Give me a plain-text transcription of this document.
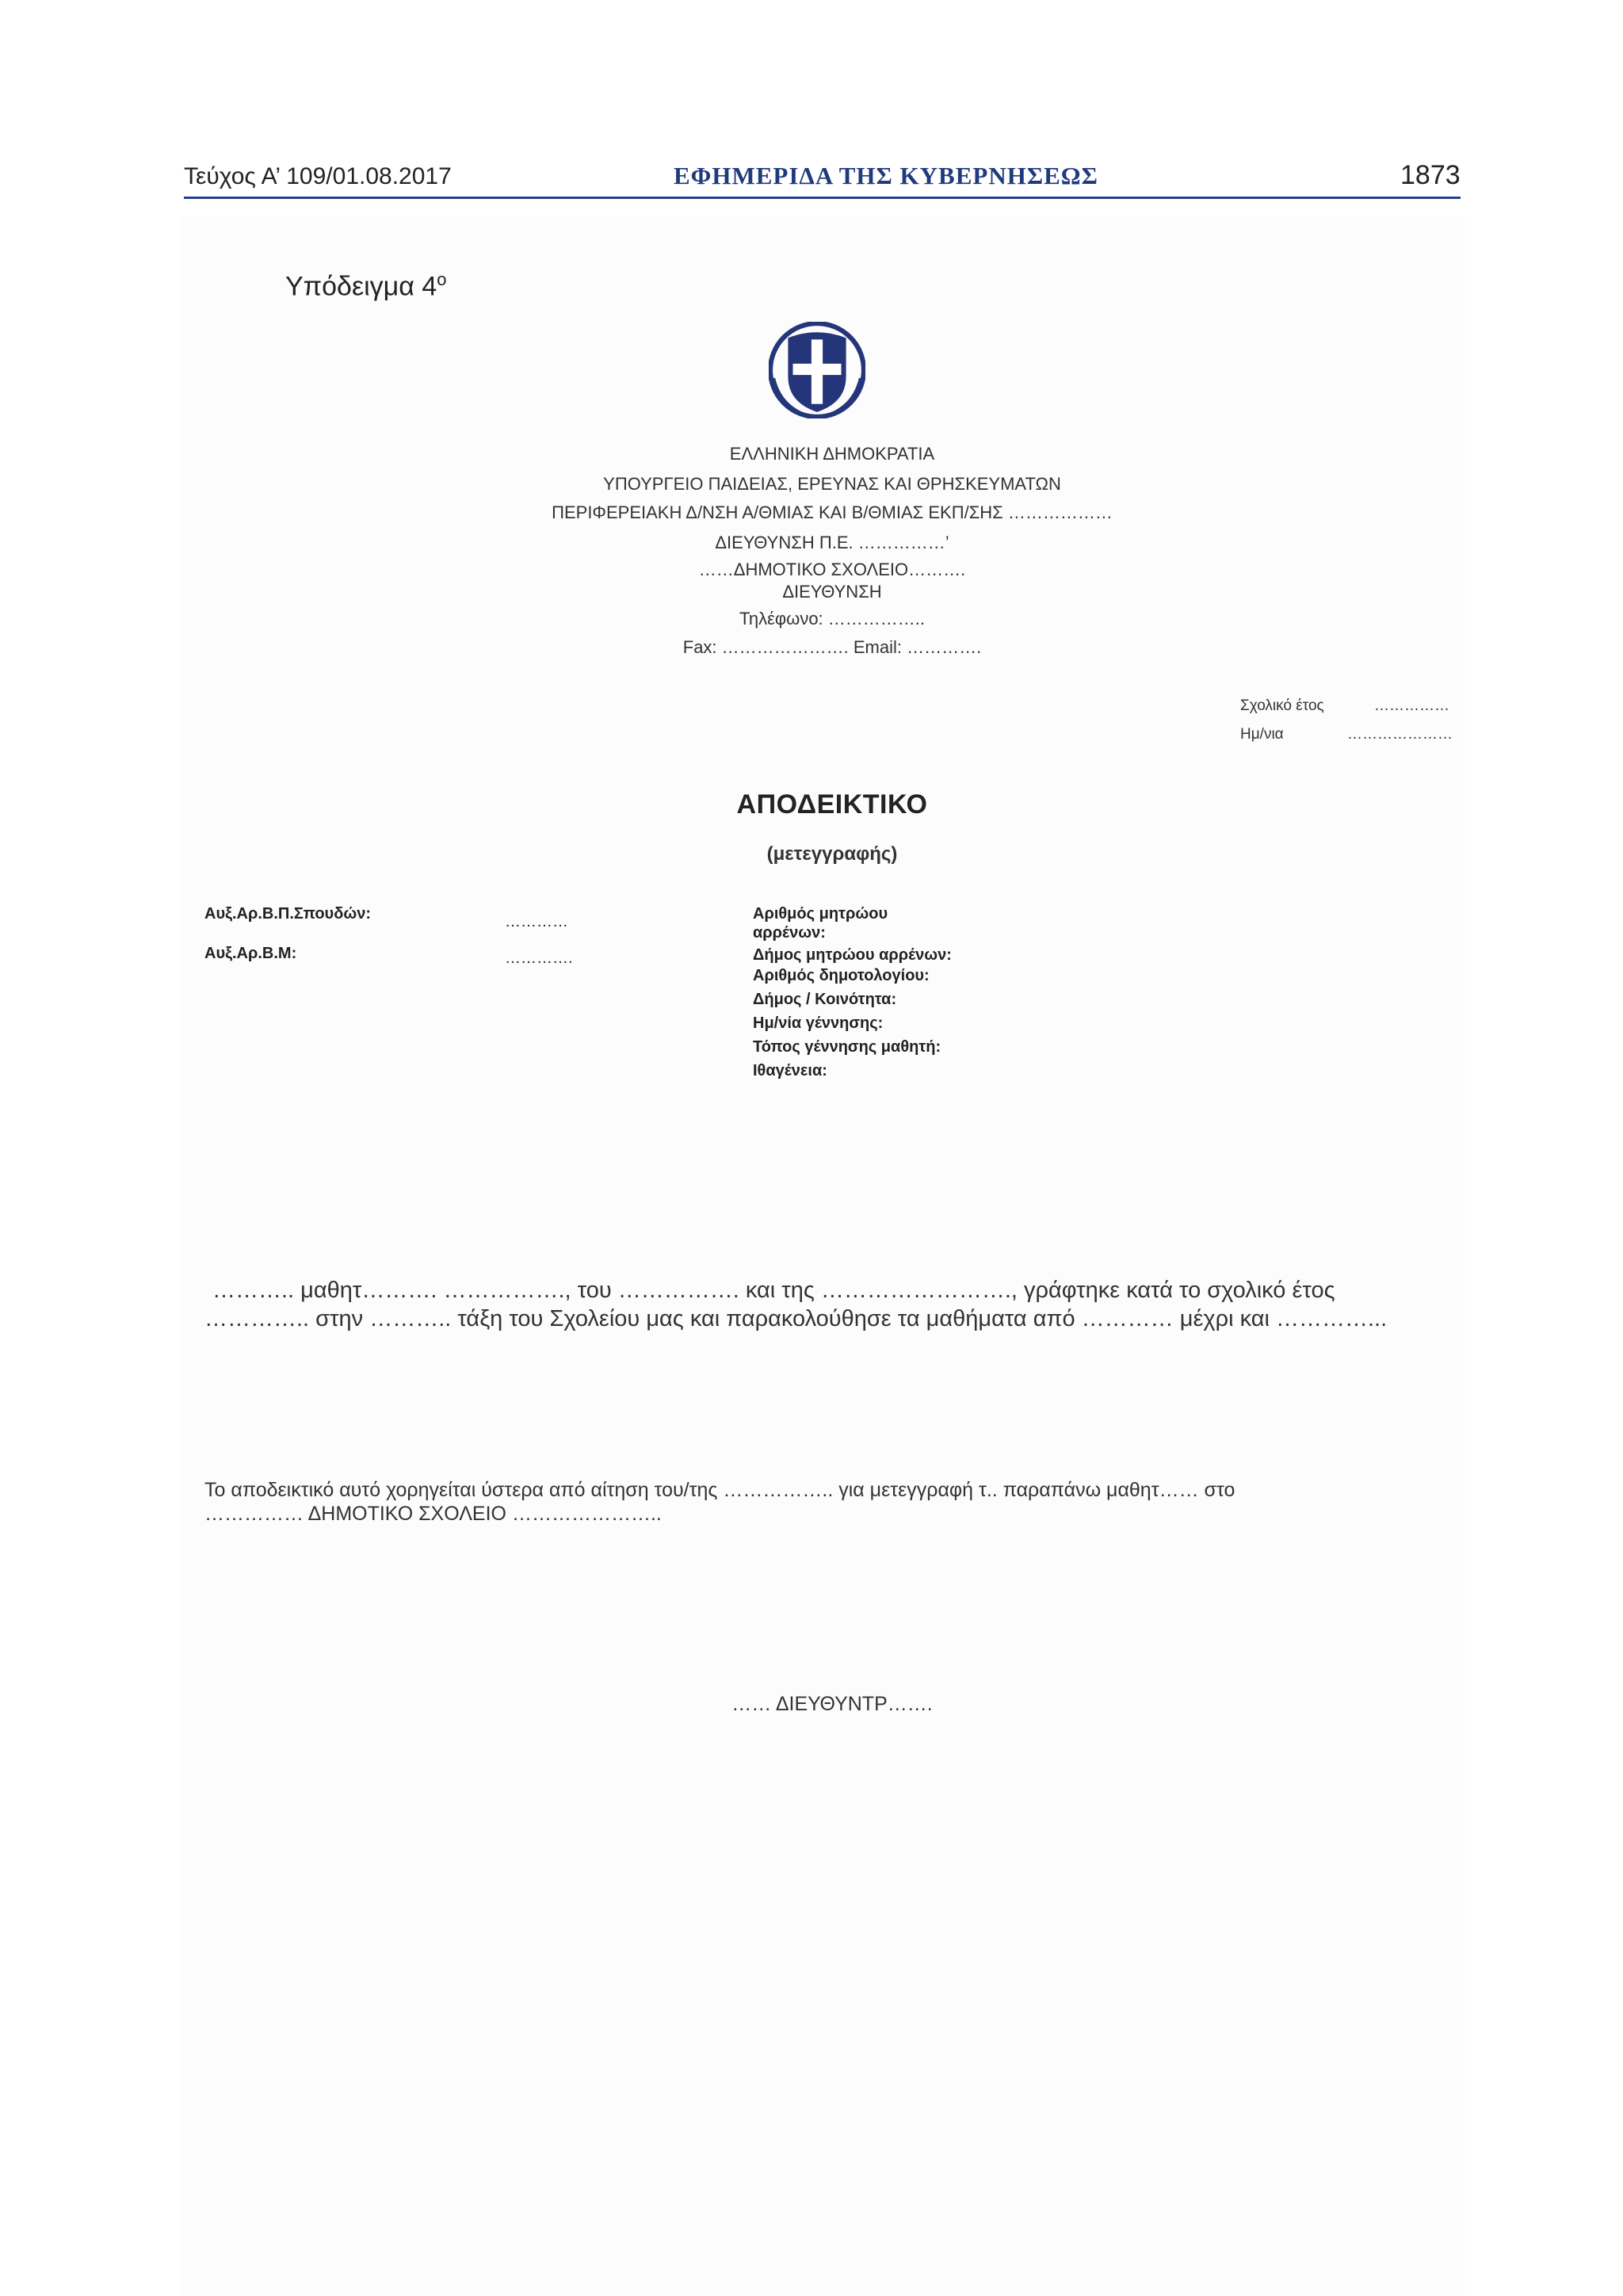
Τεύχος Α’ 109/01.08.2017	ΕΦΗΜΕΡΙΔΑ ΤΗΣ ΚΥΒΕΡΝΗΣΕΩΣ	1873
Υπόδειγμα $4^o$
ΕΛΛΗΝΙΚΗ ΔΗΜΟΚΡΑΤΙΑ
ΥΠΟΥΡΓΕΙΟ ΠΑΙΔΕΙΑΣ, ΕΡΕΥΝΑΣ ΚΑΙ ΘΡΗΣΚΕΥΜΑΤΩΝ
ΠΕΡΙΦΕΡΕΙΑΚΗ Δ/ΝΣΗ Α/ΘΜΙΑΣ ΚΑΙ Β/ΘΜΙΑΣ ΕΚΠ/ΣΗΣ ………………
ΔΙΕΥΘΥΝΣΗ Π.Ε. ……………’
……ΔΗΜΟΤΙΚΟ ΣΧΟΛΕΙΟ……….
ΔΙΕΥΘΥΝΣΗ
Τηλέφωνο: ……………..
Fax: …………………. Email: ………….
Σχολικό έτος	……………
Ημ/νια	…………………
ΑΠΟΔΕΙΚΤΙΚΟ
(μετεγγραφής)
Αυξ.Αρ.Β.Π.Σπουδών:	…………
Αυξ.Αρ.Β.Μ:	………….
Αριθμός μητρώου
αρρένων:
Δήμος μητρώου αρρένων:
Αριθμός δημοτολογίου:
Δήμος / Κοινότητα:
Ημ/νία γέννησης:
Τόπος γέννησης μαθητή:
Ιθαγένεια:
……….. μαθητ………. ……………., του ……………. και της ……………………., γράφτηκε κατά το σχολικό έτος
………….. στην ……….. τάξη του Σχολείου μας και παρακολούθησε τα μαθήματα από ………… μέχρι και …………...
Το αποδεικτικό αυτό χορηγείται ύστερα από αίτηση του/της …………….. για μετεγγραφή τ.. παραπάνω μαθητ…… στο
…………… ΔΗΜΟΤΙΚΟ ΣΧΟΛΕΙΟ …………………..
…… ΔΙΕΥΘΥΝΤΡ…….
